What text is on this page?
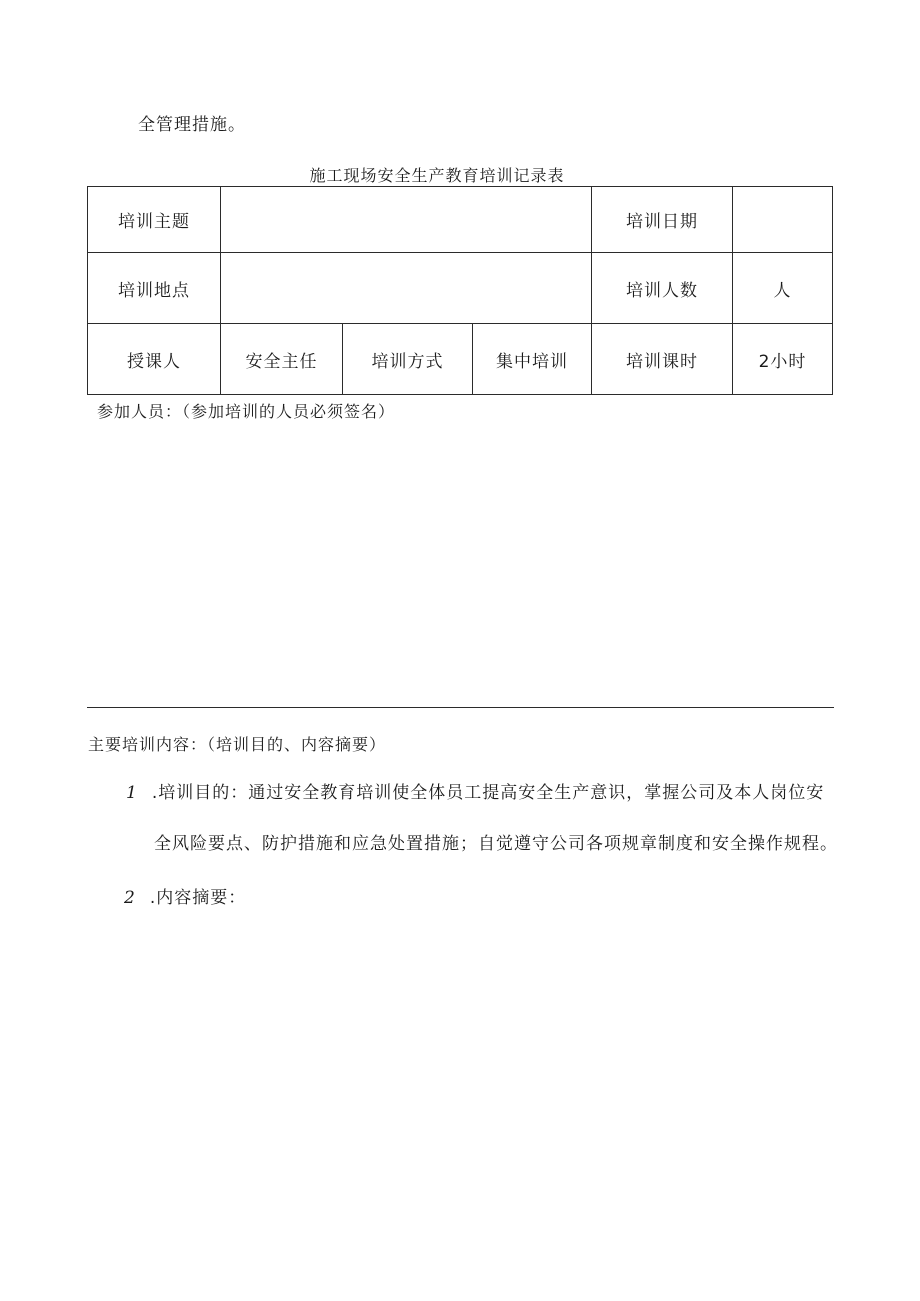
全管理措施。
施工现场安全生产教育培训记录表
培训主题				培训日期	
培训地点				培训人数	人
授课人	安全主任	培训方式	集中培训	培训课时	2小时
参加人员：（参加培训的人员必须签名）
主要培训内容：（培训目的、内容摘要）
1 .培训目的：通过安全教育培训使全体员工提高安全生产意识，掌握公司及本人岗位安
全风险要点、防护措施和应急处置措施；自觉遵守公司各项规章制度和安全操作规程。
2 .内容摘要：
